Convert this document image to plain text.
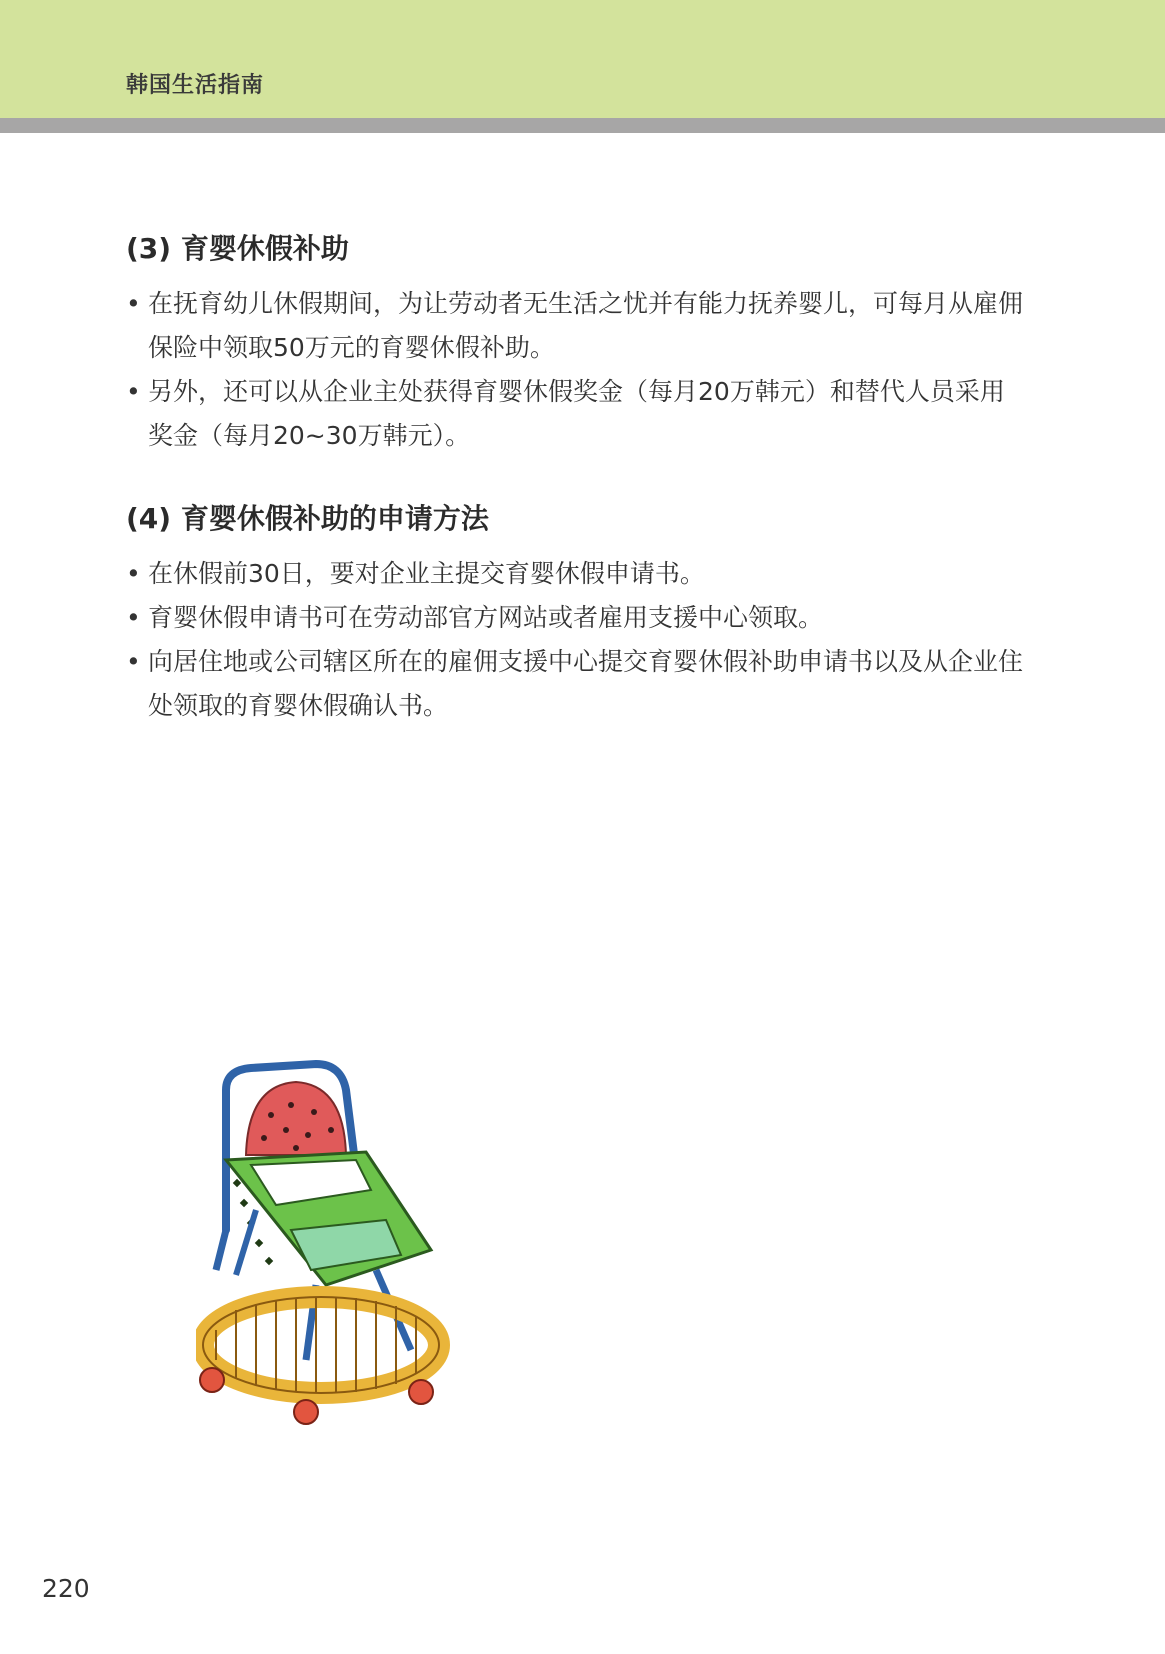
韩国生活指南
(3) 育婴休假补助
• 在抚育幼儿休假期间，为让劳动者无生活之忧并有能力抚养婴儿，可每月从雇佣保险中领取50万元的育婴休假补助。
• 另外，还可以从企业主处获得育婴休假奖金（每月20万韩元）和替代人员采用奖金（每月20~30万韩元）。
(4) 育婴休假补助的申请方法
• 在休假前30日，要对企业主提交育婴休假申请书。
• 育婴休假申请书可在劳动部官方网站或者雇用支援中心领取。
• 向居住地或公司辖区所在的雇佣支援中心提交育婴休假补助申请书以及从企业住处领取的育婴休假确认书。
220
